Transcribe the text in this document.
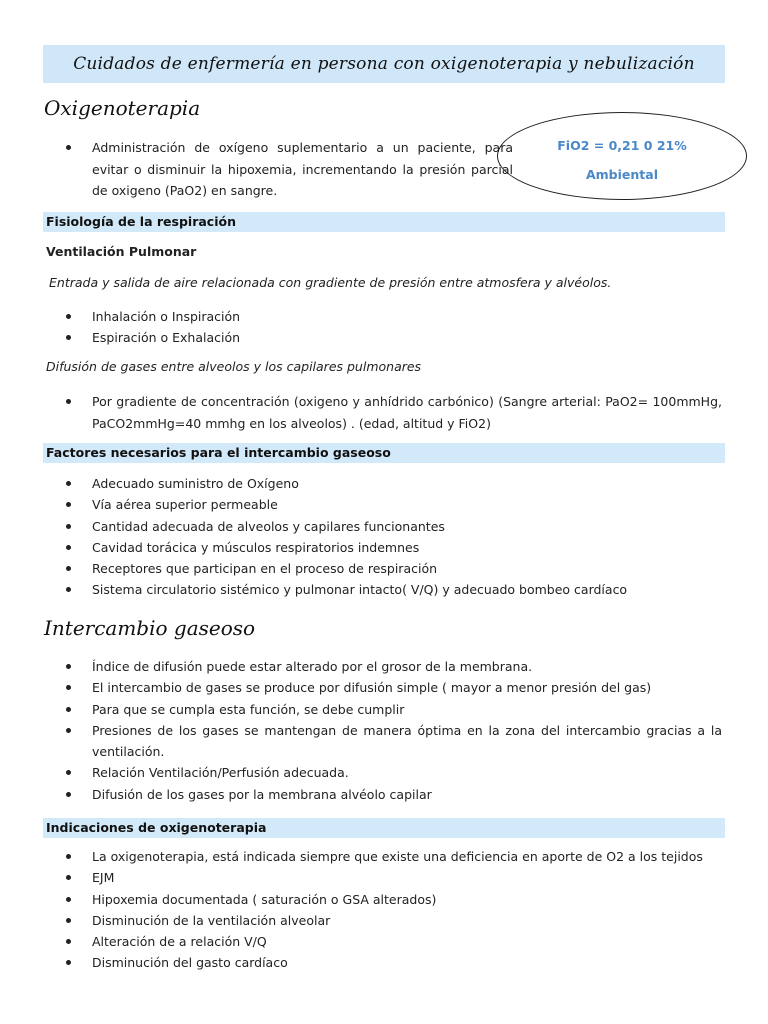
Cuidados de enfermería en persona con oxigenoterapia y nebulización
Oxigenoterapia
Administración de oxígeno suplementario a un paciente, para evitar o disminuir la hipoxemia, incrementando la presión parcial de oxigeno (PaO2) en sangre.
FiO2 = 0,21 0 21%
Ambiental
Fisiología de la respiración
Ventilación Pulmonar
Entrada y salida de aire relacionada con gradiente de presión entre atmosfera y alvéolos.
Inhalación o Inspiración
Espiración o Exhalación
Difusión de gases entre alveolos y los capilares pulmonares
Por gradiente de concentración (oxigeno y anhídrido carbónico) (Sangre arterial: PaO2= 100mmHg, PaCO2mmHg=40 mmhg en los alveolos) . (edad, altitud y FiO2)
Factores necesarios para el intercambio gaseoso
Adecuado suministro de Oxígeno
Vía aérea superior permeable
Cantidad adecuada de alveolos y capilares funcionantes
Cavidad torácica y músculos respiratorios indemnes
Receptores que participan en el proceso de respiración
Sistema circulatorio sistémico y pulmonar intacto( V/Q) y adecuado bombeo cardíaco
Intercambio gaseoso
Índice de difusión puede estar alterado por el grosor de la membrana.
El intercambio de gases se produce por difusión simple ( mayor a menor presión del gas)
Para que se cumpla esta función, se debe cumplir
Presiones de los gases se mantengan de manera óptima en la zona del intercambio gracias a la ventilación.
Relación Ventilación/Perfusión adecuada.
Difusión de los gases por la membrana alvéolo capilar
Indicaciones de oxigenoterapia
La oxigenoterapia, está indicada siempre que existe una deficiencia en aporte de O2 a los tejidos
EJM
Hipoxemia documentada ( saturación o GSA alterados)
Disminución de la ventilación alveolar
Alteración de a relación V/Q
Disminución del gasto cardíaco
